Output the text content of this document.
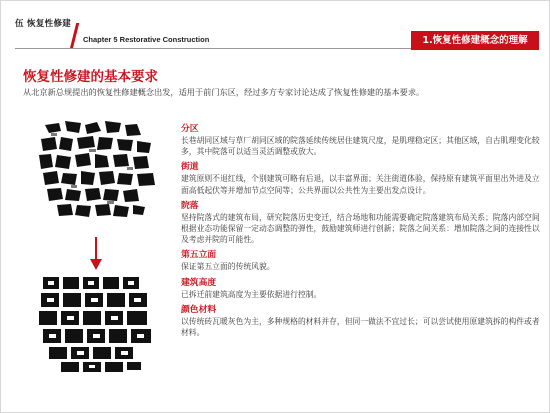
伍 恢复性修建
Chapter 5 Restorative Construction	1.恢复性修建概念的理解
恢复性修建的基本要求
从北京新总规提出的恢复性修建概念出发，适用于前门东区，经过多方专家讨论达成了恢复性修建的基本要求。
分区
长巷胡同区域与草厂胡同区域的院落延续传统居住建筑尺度，是肌理稳定区；其他区域，自古肌理变化较多，其中院落可以适当灵活调整或放大。
街道
建筑原则不退红线，个别建筑可略有后退，以丰富界面；关注街道体验，保持原有建筑平面里出外进及立面高低起伏等并增加节点空间等；公共界面以公共性为主要出发点设计。
院落
坚持院落式的建筑布局，研究院落历史变迁，结合场地和功能需要确定院落建筑布局关系；院落内部空间根据业态功能保留一定动态调整的弹性，鼓励建筑师进行创新；院落之间关系：增加院落之间的连接性以及考虑并院的可能性。
第五立面
保证第五立面的传统风貌。
建筑高度
已拆迁前建筑高度为主要依据进行控制。
颜色材料
以传统砖瓦暖灰色为主，多种规格的材料并存，但同一做法不宜过长；可以尝试使用原建筑拆的构件或者材料。
